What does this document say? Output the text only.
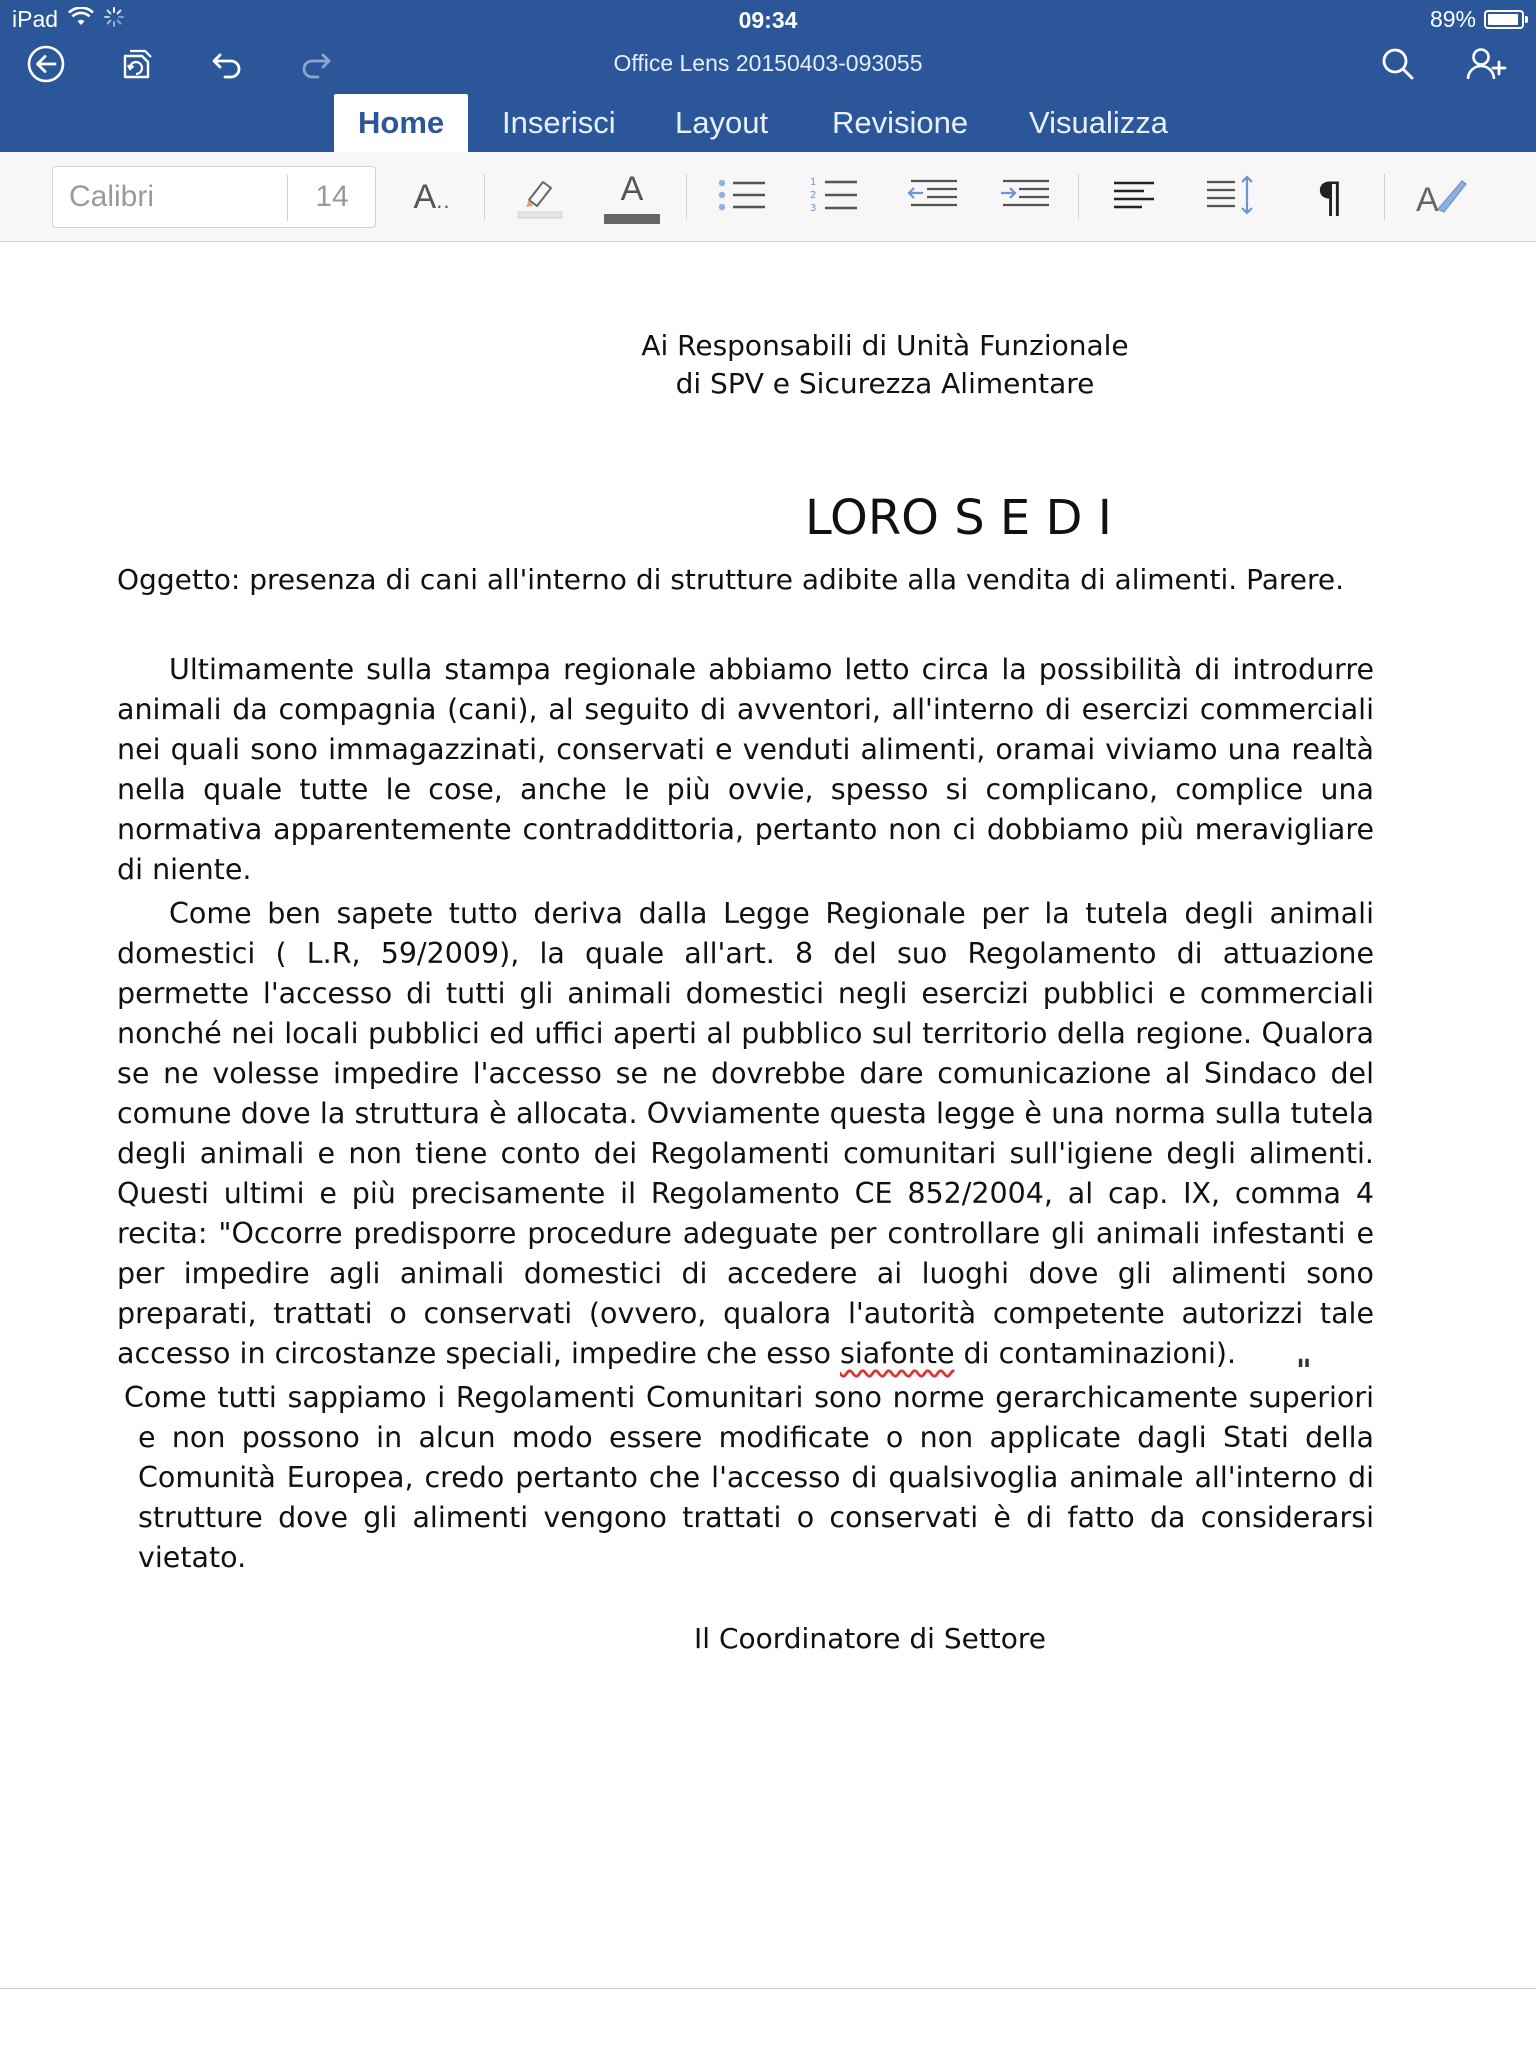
iPad	09:34	89%
Office Lens 20150403-093055
Home	Inserisci	Layout	Revisione	Visualizza
Calibri	14	A..	A	1
2
3	¶ A
Ai Responsabili di Unità Funzionale
di SPV e Sicurezza Alimentare
LORO S E D I
Oggetto: presenza di cani all'interno di strutture adibite alla vendita di alimenti. Parere.

Ultimamente sulla stampa regionale abbiamo letto circa la possibilità di introdurre animali da compagnia (cani), al seguito di avventori, all'interno di esercizi commerciali nei quali sono immagazzinati, conservati e venduti alimenti, oramai viviamo una realtà nella quale tutte le cose, anche le più ovvie, spesso si complicano, complice una normativa apparentemente contraddittoria, pertanto non ci dobbiamo più meravigliare di niente.

Come ben sapete tutto deriva dalla Legge Regionale per la tutela degli animali domestici ( L.R, 59/2009), la quale all'art. 8 del suo Regolamento di attuazione permette l'accesso di tutti gli animali domestici negli esercizi pubblici e commerciali nonché nei locali pubblici ed uffici aperti al pubblico sul territorio della regione. Qualora se ne volesse impedire l'accesso se ne dovrebbe dare comunicazione al Sindaco del comune dove la struttura è allocata. Ovviamente questa legge è una norma sulla tutela degli animali e non tiene conto dei Regolamenti comunitari sull'igiene degli alimenti. Questi ultimi e più precisamente il Regolamento CE 852/2004, al cap. IX, comma 4 recita: "Occorre predisporre procedure adeguate per controllare gli animali infestanti e per impedire agli animali domestici di accedere ai luoghi dove gli alimenti sono preparati, trattati o conservati (ovvero, qualora l'autorità competente autorizzi tale accesso in circostanze speciali, impedire che esso siafonte di contaminazioni).

"

Come tutti sappiamo i Regolamenti Comunitari sono norme gerarchicamente superiori e non possono in alcun modo essere modificate o non applicate dagli Stati della Comunità Europea, credo pertanto che l'accesso di qualsivoglia animale all'interno di strutture dove gli alimenti vengono trattati o conservati è di fatto da considerarsi vietato.

Il Coordinatore di Settore
